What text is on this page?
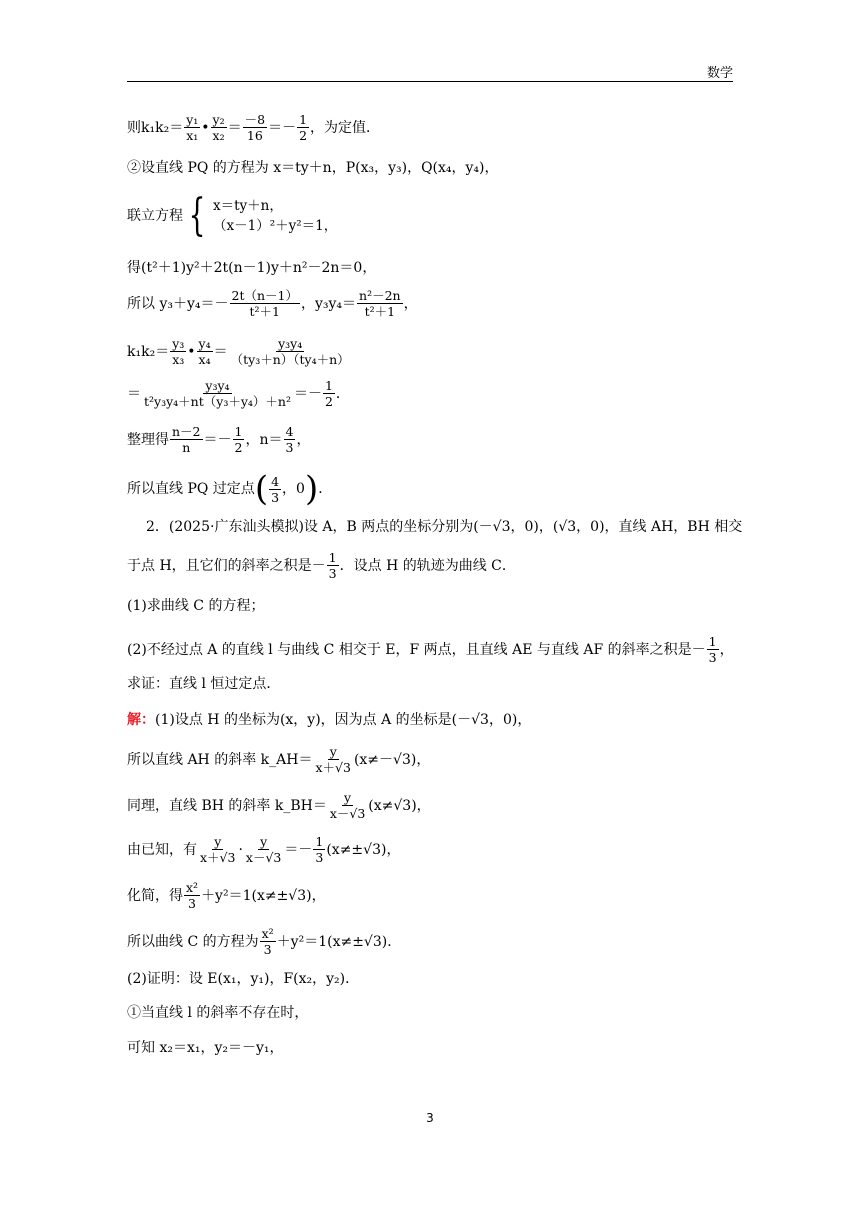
数学
则 $k_1k_2= \frac{\text{y₁}}{\text{x₁}}$ • $\frac{\text{y₂}}{\text{x₂}} = \frac{-8}{16} =- \frac{1}{2}$ ，为定值．
②设直线 PQ 的方程为 x＝ty＋n，P(x₃，y₃)，Q(x₄，y₄)，
联立方程 { x＝ty＋n，
（x－1）²＋y²＝1，
得(t²＋1)y²＋2t(n－1)y＋n²－2n＝0，
所以 $y_3+y_4=- \frac{2t(n-1)}{\text{t²＋1}}$ ，$y_3y_4= \frac{\text{n²－2n}}{\text{t²＋1}}$ ，
$k_1k_2= \frac{\text{y₃}}{\text{x₃}}$ • $\frac{\text{y₄}}{\text{x₄}} = \frac{\text{y₃y₄}}{\text{（ty₃＋n）（ty₄＋n）}}$
＝ $\frac{\text{y₃y₄}}{\text{t²y₃y₄＋nt（y₃＋y₄）＋n²}} =- \frac{1}{2}$ ．
整理得 $\frac{n-2}{n} =- \frac{1}{2}$ ，$n= \frac{4}{3}$ ，
所以直线 PQ 过定点 ( $\frac{4}{3}$ ，0 ) ．
2．(2025·广东汕头模拟)设 A，B 两点的坐标分别为(－√3，0)，(√3，0)，直线 AH，BH 相交
于点 H，且它们的斜率之积是－ $\frac{1}{3}$ ．设点 H 的轨迹为曲线 C．
(1)求曲线 C 的方程；
(2)不经过点 A 的直线 l 与曲线 C 相交于 E，F 两点，且直线 AE 与直线 AF 的斜率之积是－ $\frac{1}{3}$ ，
求证：直线 l 恒过定点．
解： (1)设点 H 的坐标为(x，y)，因为点 A 的坐标是(－√3，0)，
所以直线 AH 的斜率 k_AH＝ $\frac{y}{x+√3} (x\ne-√3)$，
同理，直线 BH 的斜率 k_BH＝ $\frac{y}{x-√3} (x\ne√3)$，
由已知，有 $\frac{y}{x+√3} \cdot \frac{y}{x-√3} =- \frac{1}{3} (x\ne\pm√3)$，
化简，得 $\frac{\text{x²}}{3} +y^2=1(x\ne\pm√3)$，
所以曲线 C 的方程为 $\frac{\text{x²}}{3} +y^2=1(x\ne\pm√3)$．
(2)证明：设 E(x₁，y₁)，F(x₂，y₂)．
①当直线 l 的斜率不存在时，
可知 x₂＝x₁，y₂＝－y₁，
3
